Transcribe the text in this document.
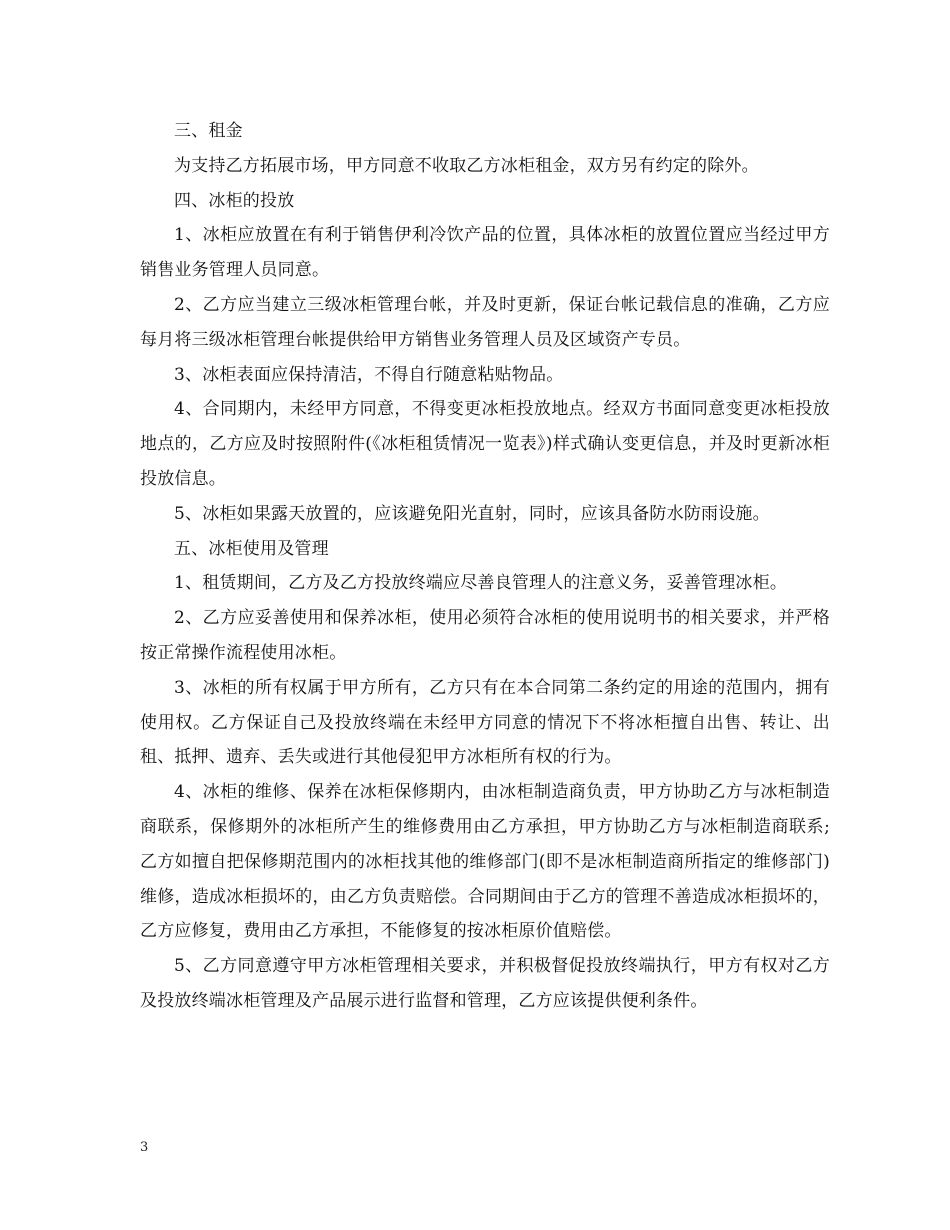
三、租金

为支持乙方拓展市场，甲方同意不收取乙方冰柜租金，双方另有约定的除外。

四、冰柜的投放

1、冰柜应放置在有利于销售伊利冷饮产品的位置，具体冰柜的放置位置应当经过甲方销售业务管理人员同意。

2、乙方应当建立三级冰柜管理台帐，并及时更新，保证台帐记载信息的准确，乙方应每月将三级冰柜管理台帐提供给甲方销售业务管理人员及区域资产专员。

3、冰柜表面应保持清洁，不得自行随意粘贴物品。

4、合同期内，未经甲方同意，不得变更冰柜投放地点。经双方书面同意变更冰柜投放地点的，乙方应及时按照附件(《冰柜租赁情况一览表》)样式确认变更信息，并及时更新冰柜投放信息。

5、冰柜如果露天放置的，应该避免阳光直射，同时，应该具备防水防雨设施。

五、冰柜使用及管理

1、租赁期间，乙方及乙方投放终端应尽善良管理人的注意义务，妥善管理冰柜。

2、乙方应妥善使用和保养冰柜，使用必须符合冰柜的使用说明书的相关要求，并严格按正常操作流程使用冰柜。

3、冰柜的所有权属于甲方所有，乙方只有在本合同第二条约定的用途的范围内，拥有使用权。乙方保证自己及投放终端在未经甲方同意的情况下不将冰柜擅自出售、转让、出租、抵押、遗弃、丢失或进行其他侵犯甲方冰柜所有权的行为。

4、冰柜的维修、保养在冰柜保修期内，由冰柜制造商负责，甲方协助乙方与冰柜制造商联系，保修期外的冰柜所产生的维修费用由乙方承担，甲方协助乙方与冰柜制造商联系;乙方如擅自把保修期范围内的冰柜找其他的维修部门(即不是冰柜制造商所指定的维修部门)维修，造成冰柜损坏的，由乙方负责赔偿。合同期间由于乙方的管理不善造成冰柜损坏的，乙方应修复，费用由乙方承担，不能修复的按冰柜原价值赔偿。

5、乙方同意遵守甲方冰柜管理相关要求，并积极督促投放终端执行，甲方有权对乙方及投放终端冰柜管理及产品展示进行监督和管理，乙方应该提供便利条件。

3
